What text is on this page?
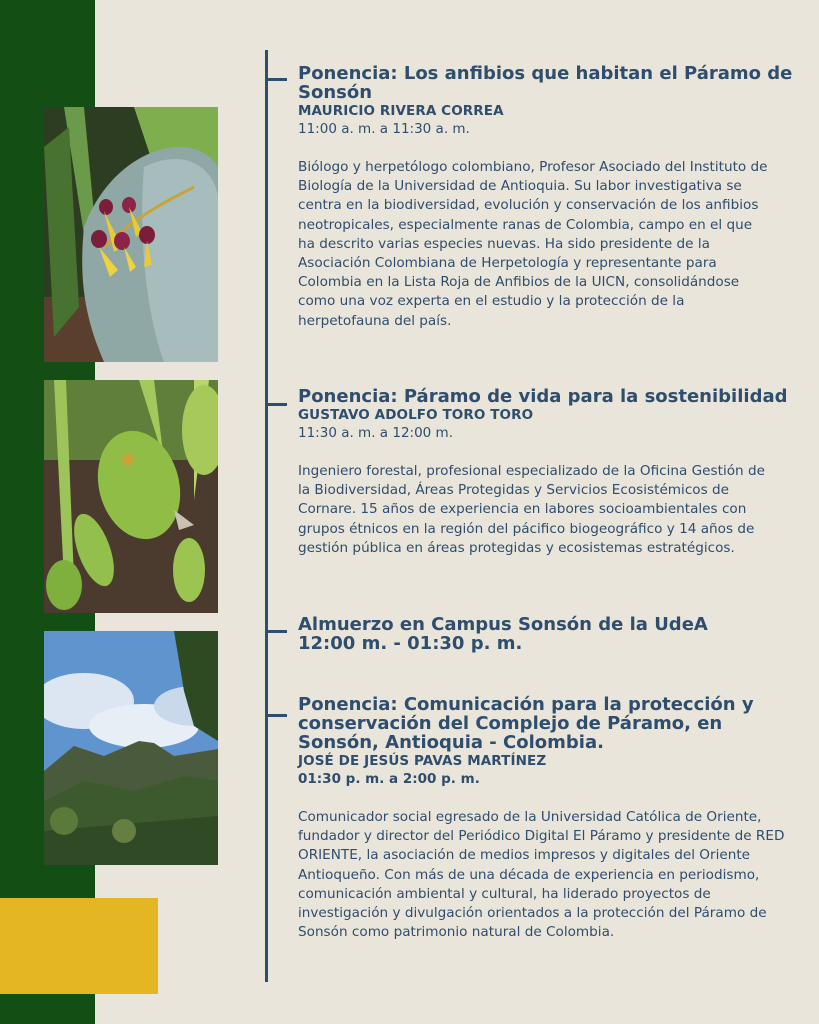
Ponencia: Los anfibios que habitan el Páramo de Sonsón

MAURICIO RIVERA CORREA

11:00 a. m. a 11:30 a. m.

Biólogo y herpetólogo colombiano, Profesor Asociado del Instituto de Biología de la Universidad de Antioquia. Su labor investigativa se centra en la biodiversidad, evolución y conservación de los anfibios neotropicales, especialmente ranas de Colombia, campo en el que ha descrito varias especies nuevas. Ha sido presidente de la Asociación Colombiana de Herpetología y representante para Colombia en la Lista Roja de Anfibios de la UICN, consolidándose como una voz experta en el estudio y la protección de la herpetofauna del país.

Ponencia: Páramo de vida para la sostenibilidad

GUSTAVO ADOLFO TORO TORO

11:30 a. m. a 12:00 m.

Ingeniero forestal, profesional especializado de la Oficina Gestión de la Biodiversidad, Áreas Protegidas y Servicios Ecosistémicos de Cornare. 15 años de experiencia en labores socioambientales con grupos étnicos en la región del pácifico biogeográfico y 14 años de gestión pública en áreas protegidas y ecosistemas estratégicos.

Almuerzo en Campus Sonsón de la UdeA
12:00 m. - 01:30 p. m.
Ponencia: Comunicación para la protección y conservación del Complejo de Páramo, en Sonsón, Antioquia - Colombia.

JOSÉ DE JESÚS PAVAS MARTÍNEZ

01:30 p. m. a 2:00 p. m.

Comunicador social egresado de la Universidad Católica de Oriente, fundador y director del Periódico Digital El Páramo y presidente de RED ORIENTE, la asociación de medios impresos y digitales del Oriente Antioqueño. Con más de una década de experiencia en periodismo, comunicación ambiental y cultural, ha liderado proyectos de investigación y divulgación orientados a la protección del Páramo de Sonsón como patrimonio natural de Colombia.
